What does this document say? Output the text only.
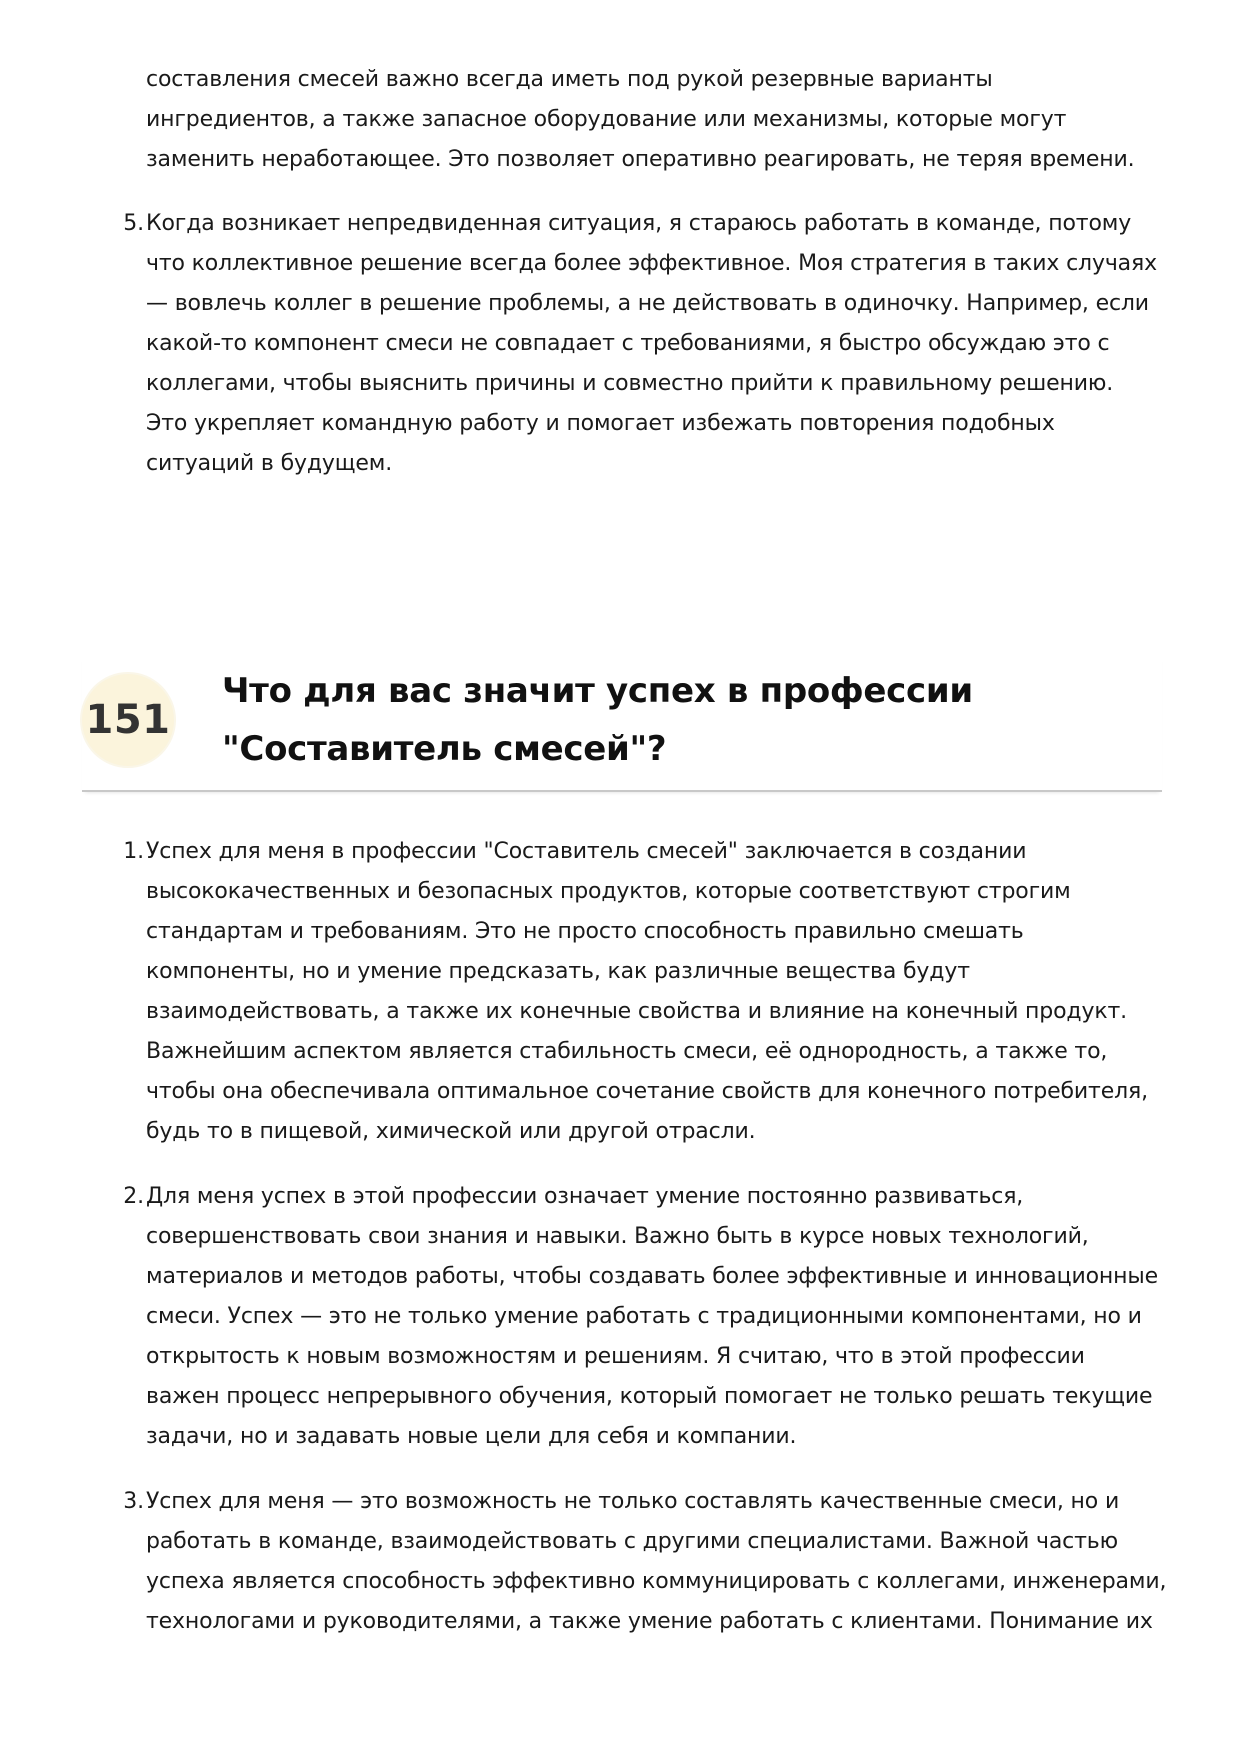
составления смесей важно всегда иметь под рукой резервные варианты
ингредиентов, а также запасное оборудование или механизмы, которые могут
заменить неработающее. Это позволяет оперативно реагировать, не теряя времени.
5. Когда возникает непредвиденная ситуация, я стараюсь работать в команде, потому
что коллективное решение всегда более эффективное. Моя стратегия в таких случаях
— вовлечь коллег в решение проблемы, а не действовать в одиночку. Например, если
какой-то компонент смеси не совпадает с требованиями, я быстро обсуждаю это с
коллегами, чтобы выяснить причины и совместно прийти к правильному решению.
Это укрепляет командную работу и помогает избежать повторения подобных
ситуаций в будущем.
151
Что для вас значит успех в профессии
"Составитель смесей"?
1. Успех для меня в профессии "Составитель смесей" заключается в создании
высококачественных и безопасных продуктов, которые соответствуют строгим
стандартам и требованиям. Это не просто способность правильно смешать
компоненты, но и умение предсказать, как различные вещества будут
взаимодействовать, а также их конечные свойства и влияние на конечный продукт.
Важнейшим аспектом является стабильность смеси, её однородность, а также то,
чтобы она обеспечивала оптимальное сочетание свойств для конечного потребителя,
будь то в пищевой, химической или другой отрасли.
2. Для меня успех в этой профессии означает умение постоянно развиваться,
совершенствовать свои знания и навыки. Важно быть в курсе новых технологий,
материалов и методов работы, чтобы создавать более эффективные и инновационные
смеси. Успех — это не только умение работать с традиционными компонентами, но и
открытость к новым возможностям и решениям. Я считаю, что в этой профессии
важен процесс непрерывного обучения, который помогает не только решать текущие
задачи, но и задавать новые цели для себя и компании.
3. Успех для меня — это возможность не только составлять качественные смеси, но и
работать в команде, взаимодействовать с другими специалистами. Важной частью
успеха является способность эффективно коммуницировать с коллегами, инженерами,
технологами и руководителями, а также умение работать с клиентами. Понимание их
